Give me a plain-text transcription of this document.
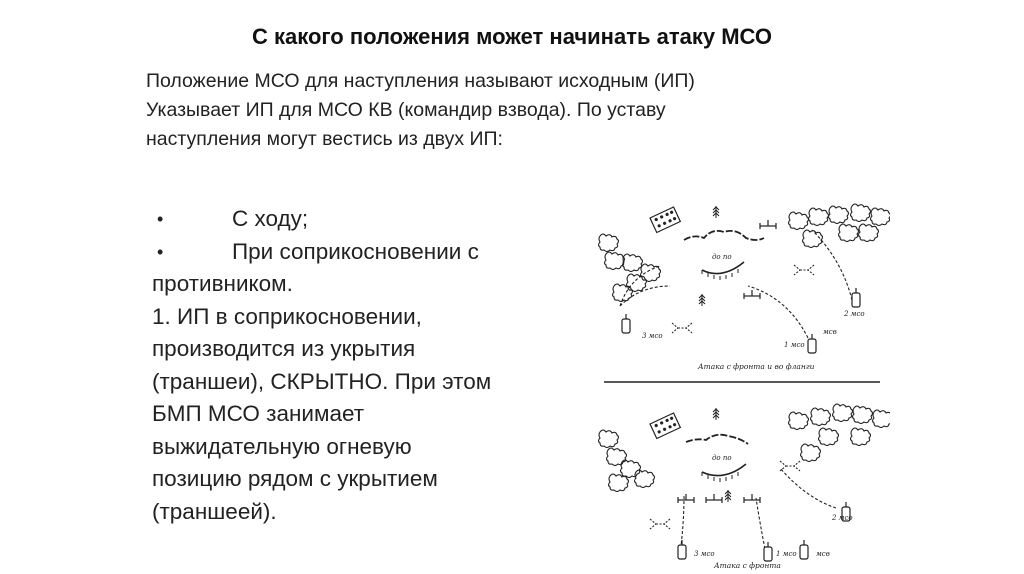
С какого положения может начинать атаку МСО
Положение МСО для наступления называют исходным (ИП)
Указывает ИП для МСО КВ (командир взвода). По уставу
наступления могут вестись из двух ИП:
•	С ходу;
•	При соприкосновении с
противником.
1. ИП в соприкосновении,
производится из укрытия
(траншеи), СКРЫТНО. При этом
БМП МСО занимает
выжидательную огневую
позицию рядом с укрытием
(траншеей).
до по
3 мсо
1 мсо
мсв
2 мсо
Атака с фронта и во фланги
до по
3 мсо	1 мсо	мсв
2 мсо
Атака с фронта
